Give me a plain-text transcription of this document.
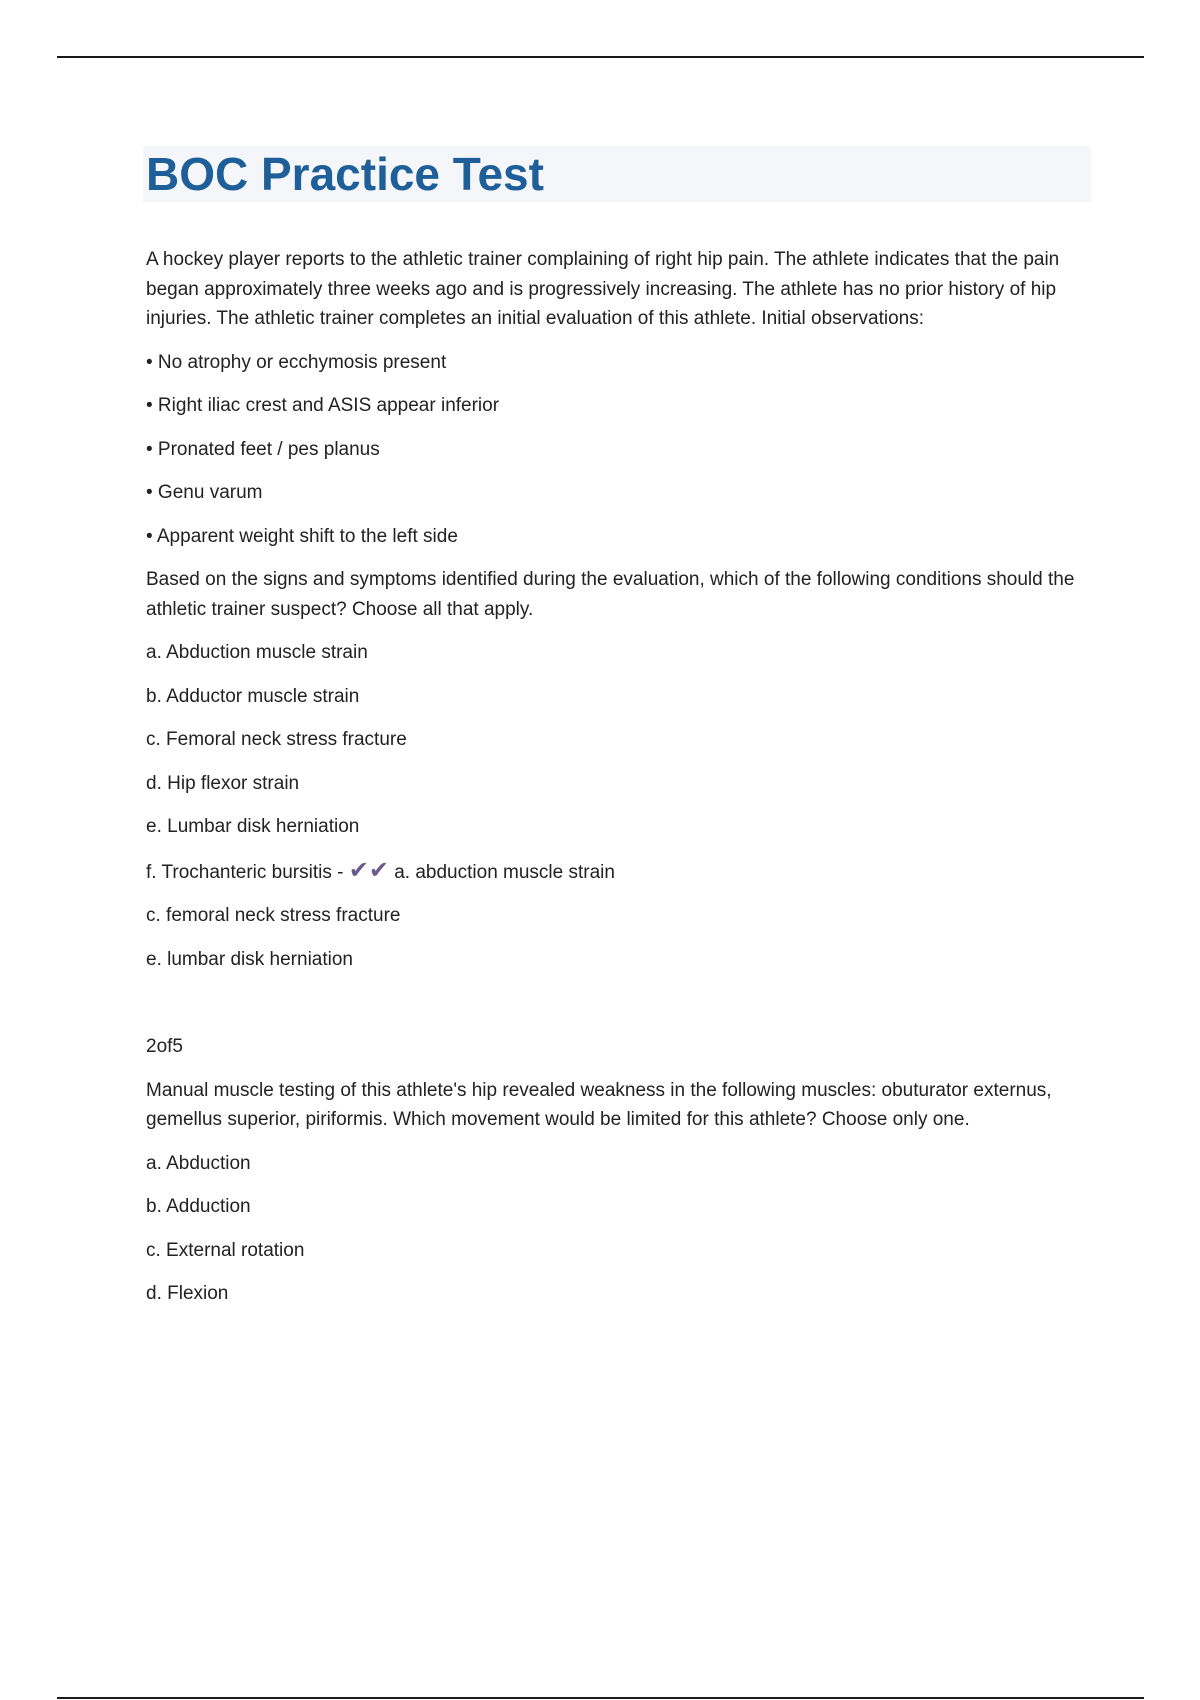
BOC Practice Test

A hockey player reports to the athletic trainer complaining of right hip pain. The athlete indicates that the pain began approximately three weeks ago and is progressively increasing. The athlete has no prior history of hip injuries. The athletic trainer completes an initial evaluation of this athlete. Initial observations:

• No atrophy or ecchymosis present

• Right iliac crest and ASIS appear inferior

• Pronated feet / pes planus

• Genu varum

• Apparent weight shift to the left side

Based on the signs and symptoms identified during the evaluation, which of the following conditions should the athletic trainer suspect? Choose all that apply.

a. Abduction muscle strain

b. Adductor muscle strain

c. Femoral neck stress fracture

d. Hip flexor strain

e. Lumbar disk herniation

f. Trochanteric bursitis - ✔✔ a. abduction muscle strain

c. femoral neck stress fracture

e. lumbar disk herniation

2of5

Manual muscle testing of this athlete's hip revealed weakness in the following muscles: obuturator externus, gemellus superior, piriformis. Which movement would be limited for this athlete? Choose only one.

a. Abduction

b. Adduction

c. External rotation

d. Flexion
